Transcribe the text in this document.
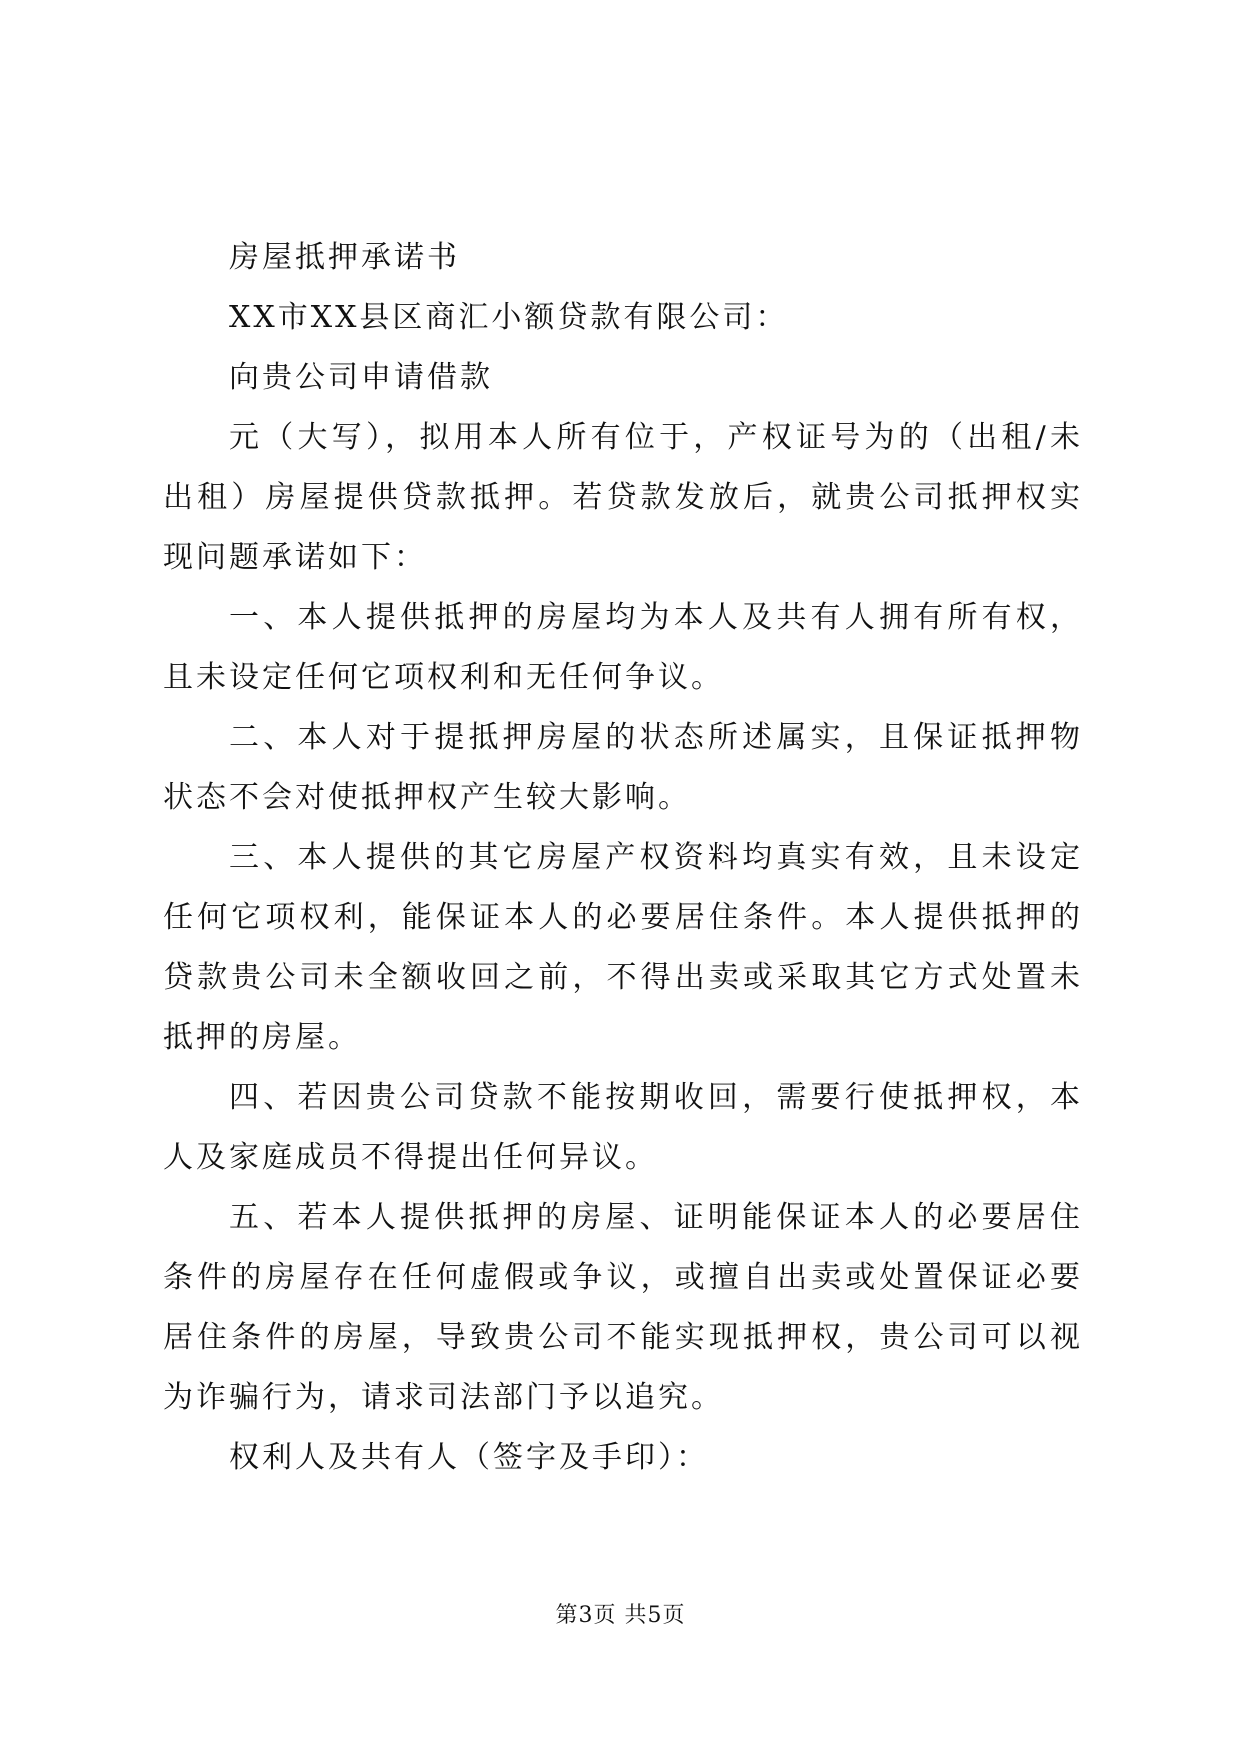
房屋抵押承诺书

XX市XX县区商汇小额贷款有限公司：

向贵公司申请借款

元（大写），拟用本人所有位于，产权证号为的（出租/未出租）房屋提供贷款抵押。若贷款发放后，就贵公司抵押权实现问题承诺如下：

一、本人提供抵押的房屋均为本人及共有人拥有所有权，且未设定任何它项权利和无任何争议。

二、本人对于提抵押房屋的状态所述属实，且保证抵押物状态不会对使抵押权产生较大影响。

三、本人提供的其它房屋产权资料均真实有效，且未设定任何它项权利，能保证本人的必要居住条件。本人提供抵押的贷款贵公司未全额收回之前，不得出卖或采取其它方式处置未抵押的房屋。

四、若因贵公司贷款不能按期收回，需要行使抵押权，本人及家庭成员不得提出任何异议。

五、若本人提供抵押的房屋、证明能保证本人的必要居住条件的房屋存在任何虚假或争议，或擅自出卖或处置保证必要居住条件的房屋，导致贵公司不能实现抵押权，贵公司可以视为诈骗行为，请求司法部门予以追究。

权利人及共有人（签字及手印）：

第3页 共5页
